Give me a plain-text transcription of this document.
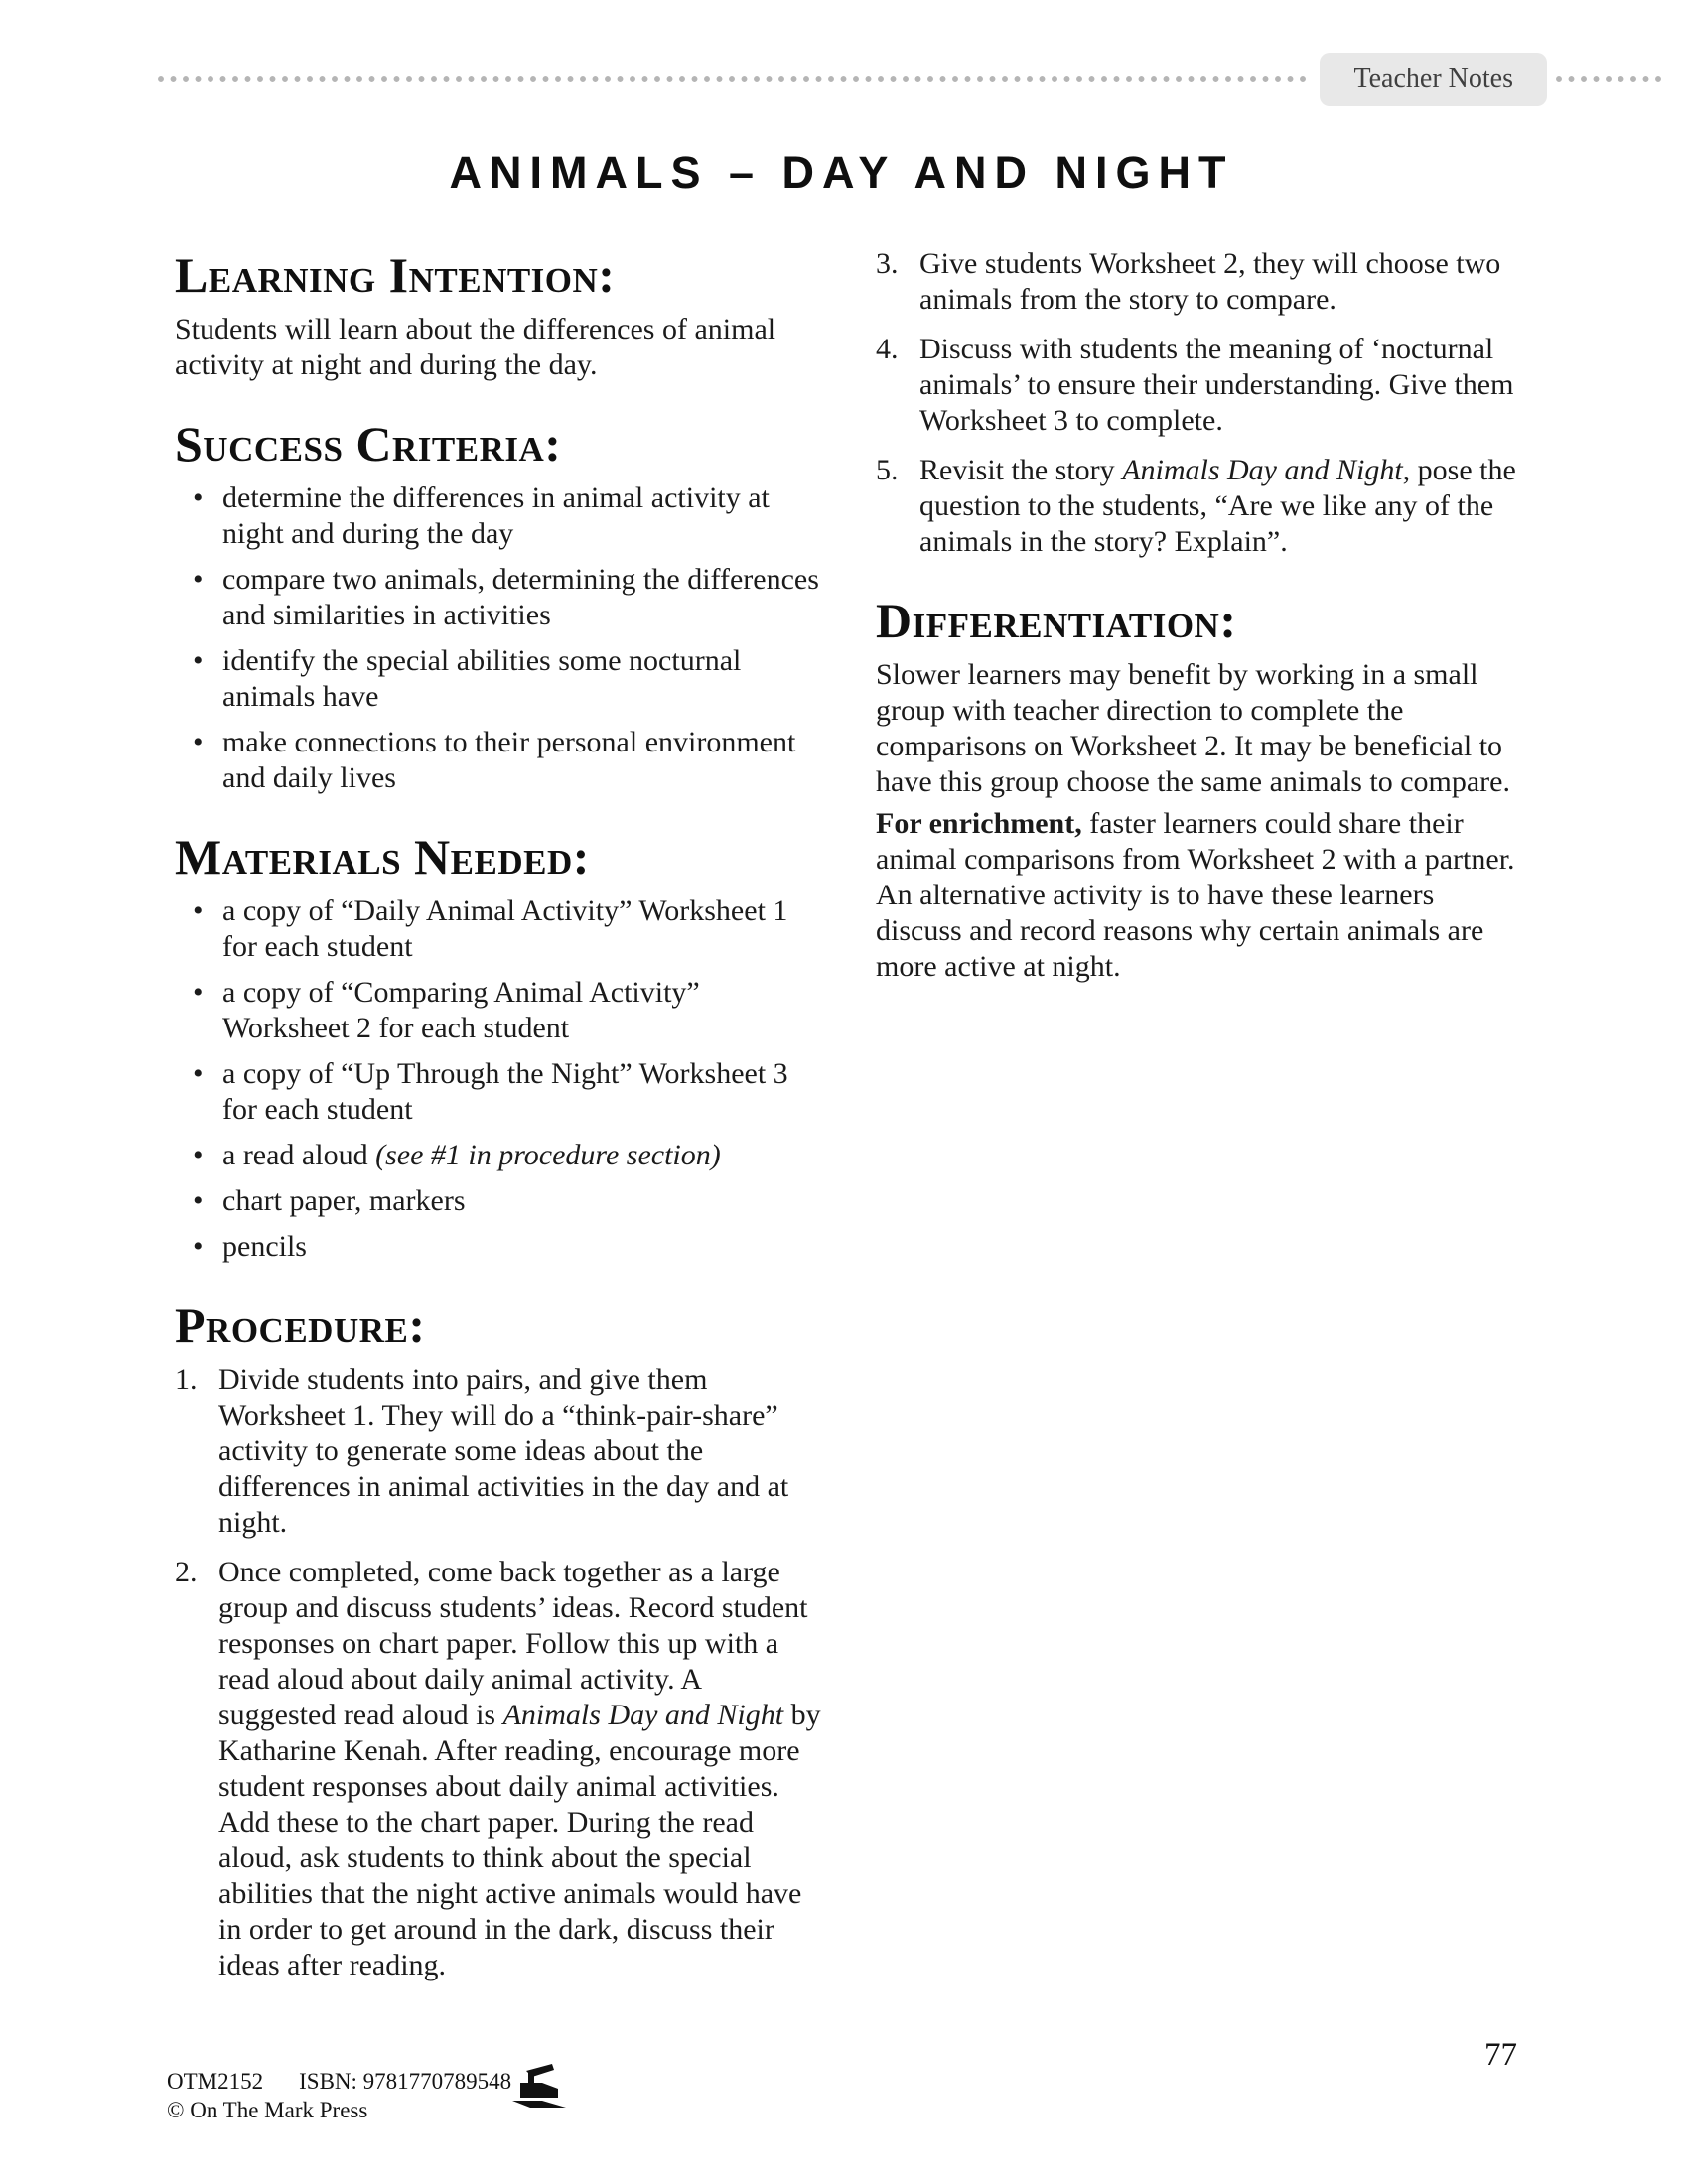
Teacher Notes
ANIMALS – DAY AND NIGHT
Learning Intention:

Students will learn about the differences of animal activity at night and during the day.

Success Criteria:
• determine the differences in animal activity at night and during the day
• compare two animals, determining the differences and similarities in activities
• identify the special abilities some nocturnal animals have
• make connections to their personal environment and daily lives
Materials Needed:
• a copy of “Daily Animal Activity” Worksheet 1 for each student
• a copy of “Comparing Animal Activity” Worksheet 2 for each student
• a copy of “Up Through the Night” Worksheet 3 for each student
• a read aloud (see #1 in procedure section)
• chart paper, markers
• pencils
Procedure:
1. Divide students into pairs, and give them Worksheet 1. They will do a “think-pair-share” activity to generate some ideas about the differences in animal activities in the day and at night.
2. Once completed, come back together as a large group and discuss students’ ideas. Record student responses on chart paper. Follow this up with a read aloud about daily animal activity. A suggested read aloud is Animals Day and Night by Katharine Kenah. After reading, encourage more student responses about daily animal activities. Add these to the chart paper. During the read aloud, ask students to think about the special abilities that the night active animals would have in order to get around in the dark, discuss their ideas after reading.
3. Give students Worksheet 2, they will choose two animals from the story to compare.
4. Discuss with students the meaning of ‘nocturnal animals’ to ensure their understanding. Give them Worksheet 3 to complete.
5. Revisit the story Animals Day and Night, pose the question to the students, “Are we like any of the animals in the story? Explain”.
Differentiation:

Slower learners may benefit by working in a small group with teacher direction to complete the comparisons on Worksheet 2. It may be beneficial to have this group choose the same animals to compare.

For enrichment, faster learners could share their animal comparisons from Worksheet 2 with a partner. An alternative activity is to have these learners discuss and record reasons why certain animals are more active at night.

OTM2152 ISBN: 9781770789548
© On The Mark Press
77
